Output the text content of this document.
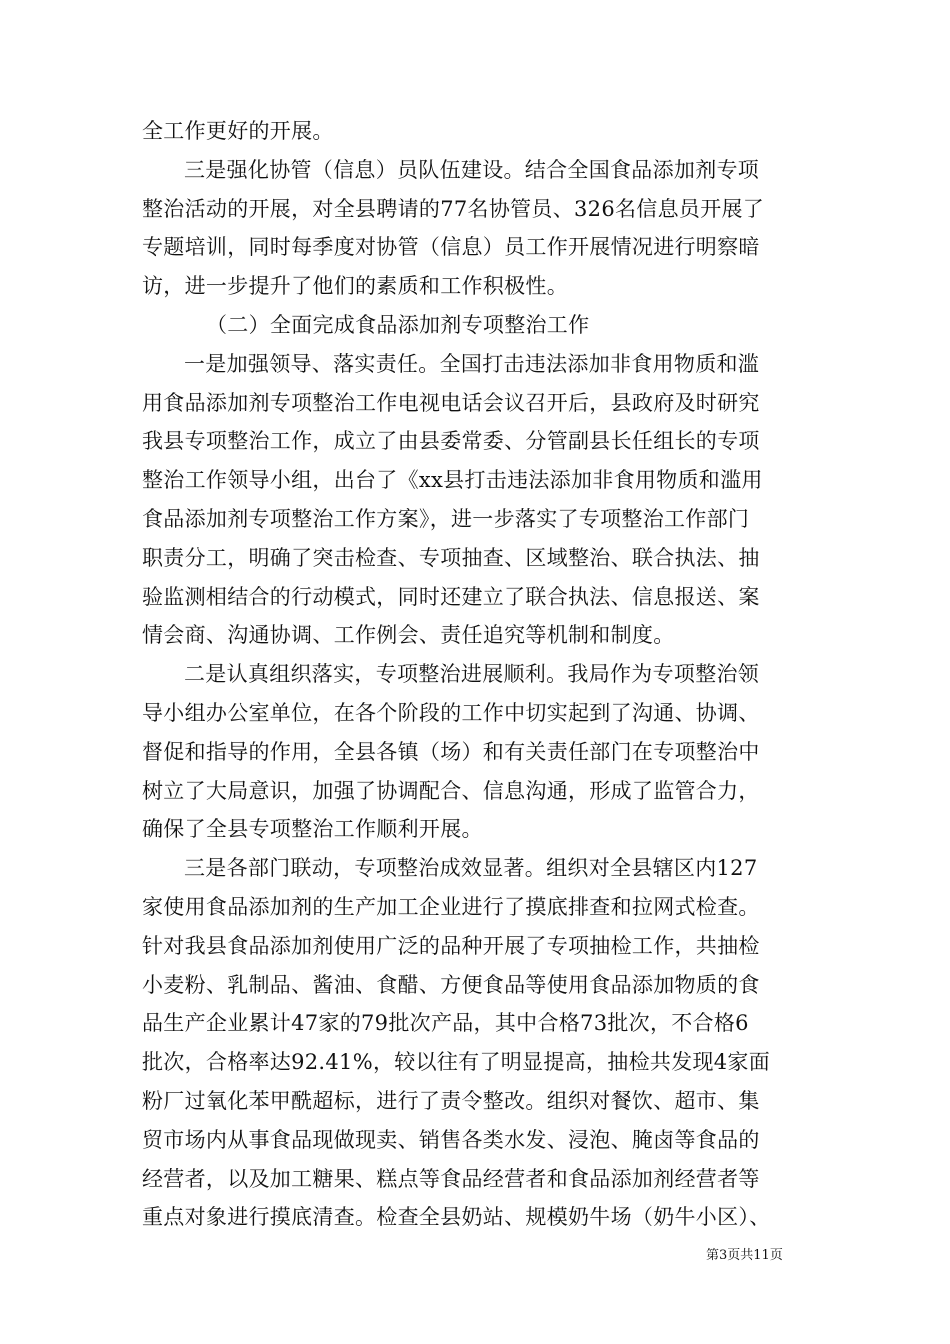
全工作更好的开展。
三是强化协管（信息）员队伍建设。结合全国食品添加剂专项
整治活动的开展，对全县聘请的77名协管员、326名信息员开展了
专题培训，同时每季度对协管（信息）员工作开展情况进行明察暗
访，进一步提升了他们的素质和工作积极性。
（二）全面完成食品添加剂专项整治工作
一是加强领导、落实责任。全国打击违法添加非食用物质和滥
用食品添加剂专项整治工作电视电话会议召开后，县政府及时研究
我县专项整治工作，成立了由县委常委、分管副县长任组长的专项
整治工作领导小组，出台了《xx县打击违法添加非食用物质和滥用
食品添加剂专项整治工作方案》，进一步落实了专项整治工作部门
职责分工，明确了突击检查、专项抽查、区域整治、联合执法、抽
验监测相结合的行动模式，同时还建立了联合执法、信息报送、案
情会商、沟通协调、工作例会、责任追究等机制和制度。
二是认真组织落实，专项整治进展顺利。我局作为专项整治领
导小组办公室单位，在各个阶段的工作中切实起到了沟通、协调、
督促和指导的作用，全县各镇（场）和有关责任部门在专项整治中
树立了大局意识，加强了协调配合、信息沟通，形成了监管合力，
确保了全县专项整治工作顺利开展。
三是各部门联动，专项整治成效显著。组织对全县辖区内127
家使用食品添加剂的生产加工企业进行了摸底排查和拉网式检查。
针对我县食品添加剂使用广泛的品种开展了专项抽检工作，共抽检
小麦粉、乳制品、酱油、食醋、方便食品等使用食品添加物质的食
品生产企业累计47家的79批次产品，其中合格73批次，不合格6
批次，合格率达92.41%，较以往有了明显提高，抽检共发现4家面
粉厂过氧化苯甲酰超标，进行了责令整改。组织对餐饮、超市、集
贸市场内从事食品现做现卖、销售各类水发、浸泡、腌卤等食品的
经营者，以及加工糖果、糕点等食品经营者和食品添加剂经营者等
重点对象进行摸底清查。检查全县奶站、规模奶牛场（奶牛小区）、
第3页共11页
